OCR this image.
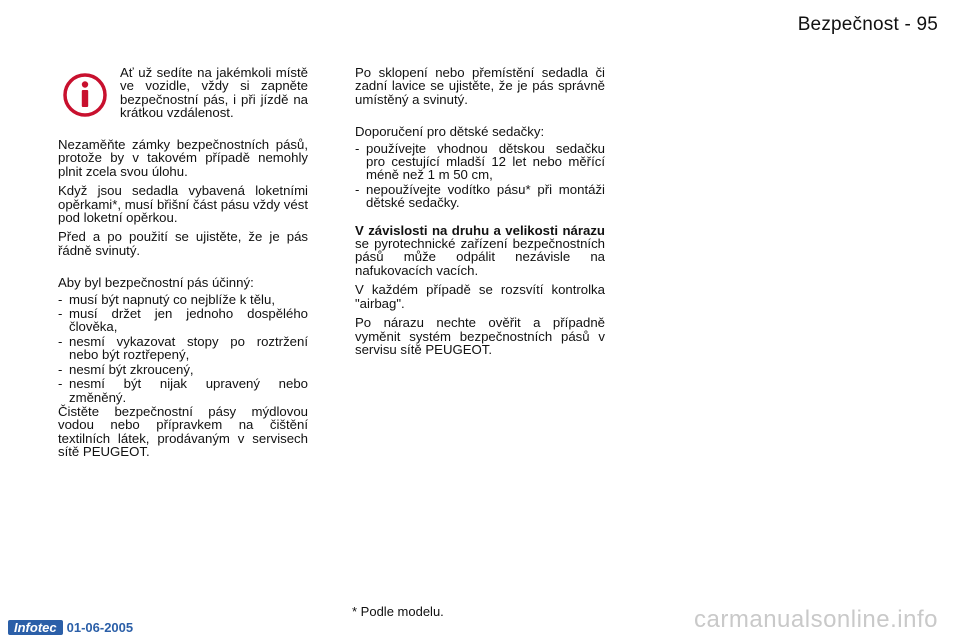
Bezpečnost - 95

Ať už sedíte na jakémkoli místě ve vozidle, vždy si zapněte bezpečnostní pás, i při jízdě na krátkou vzdálenost.

Nezaměňte zámky bezpečnostních pásů, protože by v takovém případě nemohly plnit zcela svou úlohu.

Když jsou sedadla vybavená loketními opěrkami*, musí břišní část pásu vždy vést pod loketní opěrkou.

Před a po použití se ujistěte, že je pás řádně svinutý.

Aby byl bezpečnostní pás účinný:

- musí být napnutý co nejblíže k tělu,
- musí držet jen jednoho dospělého člověka,
- nesmí vykazovat stopy po roztržení nebo být roztřepený,
- nesmí být zkroucený,
- nesmí být nijak upravený nebo změněný.

Čistěte bezpečnostní pásy mýdlovou vodou nebo přípravkem na čištění textilních látek, prodávaným v servisech sítě PEUGEOT.

Po sklopení nebo přemístění sedadla či zadní lavice se ujistěte, že je pás správně umístěný a svinutý.

Doporučení pro dětské sedačky:

- používejte vhodnou dětskou sedačku pro cestující mladší 12 let nebo měřící méně než 1 m 50 cm,
- nepoužívejte vodítko pásu* při montáži dětské sedačky.

V závislosti na druhu a velikosti nárazu se pyrotechnické zařízení bezpečnostních pásů může odpálit nezávisle na nafukovacích vacích.

V každém případě se rozsvítí kontrolka "airbag".

Po nárazu nechte ověřit a případně vyměnit systém bezpečnostních pásů v servisu sítě PEUGEOT.

* Podle modelu.
Infotec 01-06-2005	carmanualsonline.info
